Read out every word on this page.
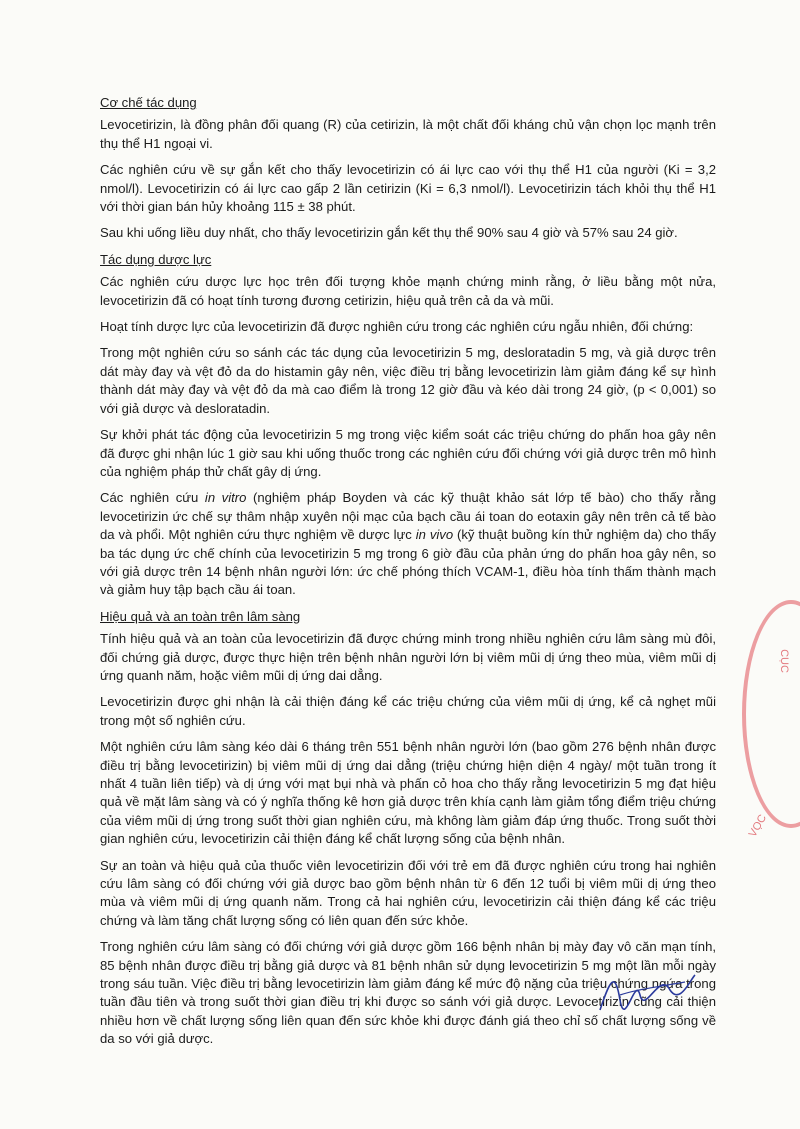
Cơ chế tác dụng

Levocetirizin, là đồng phân đối quang (R) của cetirizin, là một chất đối kháng chủ vận chọn lọc mạnh trên thụ thể H1 ngoại vi.

Các nghiên cứu về sự gắn kết cho thấy levocetirizin có ái lực cao với thụ thể H1 của người (Ki = 3,2 nmol/l). Levocetirizin có ái lực cao gấp 2 lần cetirizin (Ki = 6,3 nmol/l). Levocetirizin tách khỏi thụ thể H1 với thời gian bán hủy khoảng 115 ± 38 phút.

Sau khi uống liều duy nhất, cho thấy levocetirizin gắn kết thụ thể 90% sau 4 giờ và 57% sau 24 giờ.

Tác dụng dược lực

Các nghiên cứu dược lực học trên đối tượng khỏe mạnh chứng minh rằng, ở liều bằng một nửa, levocetirizin đã có hoạt tính tương đương cetirizin, hiệu quả trên cả da và mũi.

Hoạt tính dược lực của levocetirizin đã được nghiên cứu trong các nghiên cứu ngẫu nhiên, đối chứng:

Trong một nghiên cứu so sánh các tác dụng của levocetirizin 5 mg, desloratadin 5 mg, và giả dược trên dát mày đay và vệt đỏ da do histamin gây nên, việc điều trị bằng levocetirizin làm giảm đáng kể sự hình thành dát mày đay và vệt đỏ da mà cao điểm là trong 12 giờ đầu và kéo dài trong 24 giờ, (p < 0,001) so với giả dược và desloratadin.

Sự khởi phát tác động của levocetirizin 5 mg trong việc kiểm soát các triệu chứng do phấn hoa gây nên đã được ghi nhận lúc 1 giờ sau khi uống thuốc trong các nghiên cứu đối chứng với giả dược trên mô hình của nghiệm pháp thử chất gây dị ứng.

Các nghiên cứu in vitro (nghiệm pháp Boyden và các kỹ thuật khảo sát lớp tế bào) cho thấy rằng levocetirizin ức chế sự thâm nhập xuyên nội mạc của bạch cầu ái toan do eotaxin gây nên trên cả tế bào da và phổi. Một nghiên cứu thực nghiệm về dược lực in vivo (kỹ thuật buồng kín thử nghiệm da) cho thấy ba tác dụng ức chế chính của levocetirizin 5 mg trong 6 giờ đầu của phản ứng do phấn hoa gây nên, so với giả dược trên 14 bệnh nhân người lớn: ức chế phóng thích VCAM-1, điều hòa tính thấm thành mạch và giảm huy tập bạch cầu ái toan.

Hiệu quả và an toàn trên lâm sàng

Tính hiệu quả và an toàn của levocetirizin đã được chứng minh trong nhiều nghiên cứu lâm sàng mù đôi, đối chứng giả dược, được thực hiện trên bệnh nhân người lớn bị viêm mũi dị ứng theo mùa, viêm mũi dị ứng quanh năm, hoặc viêm mũi dị ứng dai dẳng.

Levocetirizin được ghi nhận là cải thiện đáng kể các triệu chứng của viêm mũi dị ứng, kể cả nghẹt mũi trong một số nghiên cứu.

Một nghiên cứu lâm sàng kéo dài 6 tháng trên 551 bệnh nhân người lớn (bao gồm 276 bệnh nhân được điều trị bằng levocetirizin) bị viêm mũi dị ứng dai dẳng (triệu chứng hiện diện 4 ngày/ một tuần trong ít nhất 4 tuần liên tiếp) và dị ứng với mạt bụi nhà và phấn cỏ hoa cho thấy rằng levocetirizin 5 mg đạt hiệu quả về mặt lâm sàng và có ý nghĩa thống kê hơn giả dược trên khía cạnh làm giảm tổng điểm triệu chứng của viêm mũi dị ứng trong suốt thời gian nghiên cứu, mà không làm giảm đáp ứng thuốc. Trong suốt thời gian nghiên cứu, levocetirizin cải thiện đáng kể chất lượng sống của bệnh nhân.

Sự an toàn và hiệu quả của thuốc viên levocetirizin đối với trẻ em đã được nghiên cứu trong hai nghiên cứu lâm sàng có đối chứng với giả dược bao gồm bệnh nhân từ 6 đến 12 tuổi bị viêm mũi dị ứng theo mùa và viêm mũi dị ứng quanh năm. Trong cả hai nghiên cứu, levocetirizin cải thiện đáng kể các triệu chứng và làm tăng chất lượng sống có liên quan đến sức khỏe.

Trong nghiên cứu lâm sàng có đối chứng với giả dược gồm 166 bệnh nhân bị mày đay vô căn mạn tính, 85 bệnh nhân được điều trị bằng giả dược và 81 bệnh nhân sử dụng levocetirizin 5 mg một lần mỗi ngày trong sáu tuần. Việc điều trị bằng levocetirizin làm giảm đáng kể mức độ nặng của triệu chứng ngứa trong tuần đầu tiên và trong suốt thời gian điều trị khi được so sánh với giả dược. Levocetirizin cũng cải thiện nhiều hơn về chất lượng sống liên quan đến sức khỏe khi được đánh giá theo chỉ số chất lượng sống về da so với giả dược.

CỤC
VỌC
